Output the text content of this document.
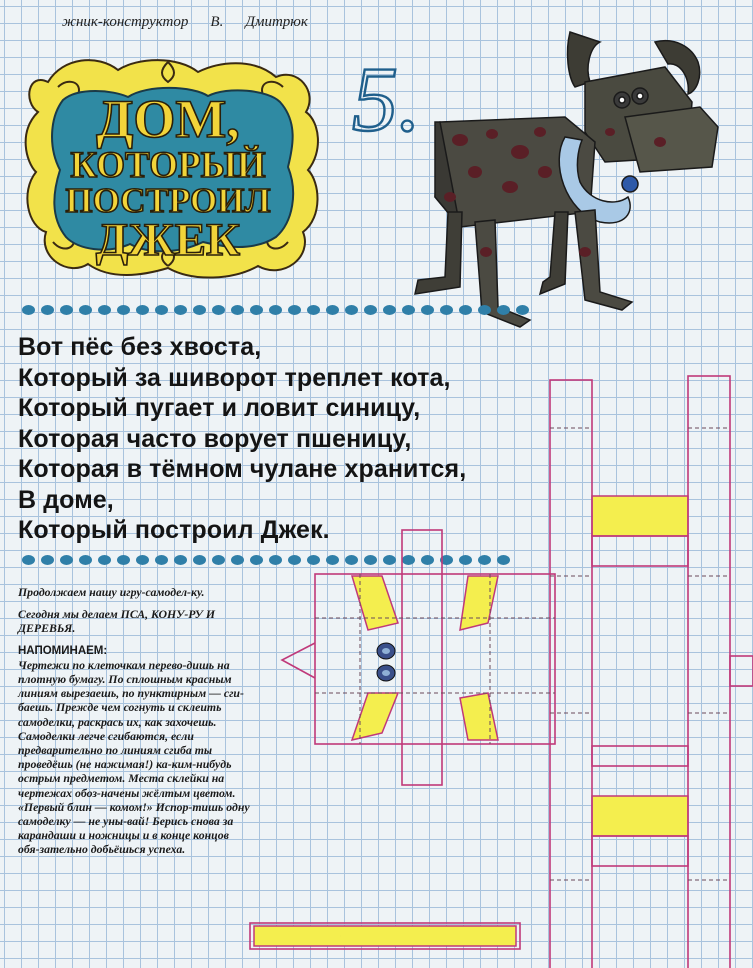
жник-конструктор В. Дмитрюк
ДОМ,
КОТОРЫЙ
ПОСТРОИЛ
ДЖЕК
5.
Вот пёс без хвоста,
Который за шиворот треплет кота,
Который пугает и ловит синицу,
Которая часто ворует пшеницу,
Которая в тёмном чулане хранится,
В доме,
Который построил Джек.

Продолжаем нашу игру-самодел-ку.

Сегодня мы делаем ПСА, КОНУ-РУ И ДЕРЕВЬЯ.

НАПОМИНАЕМ:

Чертежи по клеточкам перево-дишь на плотную бумагу. По сплошным красным линиям вырезаешь, по пунктирным — сги-баешь. Прежде чем согнуть и склеить самоделки, раскрась их, как захочешь. Самоделки легче сгибаются, если предварительно по линиям сгиба ты проведёшь (не нажимая!) ка-ким-нибудь острым предметом. Места склейки на чертежах обоз-начены жёлтым цветом. «Первый блин — комом!» Испор-тишь одну самоделку — не уны-вай! Берись снова за карандаши и ножницы и в конце концов обя-зательно добьёшься успеха.
